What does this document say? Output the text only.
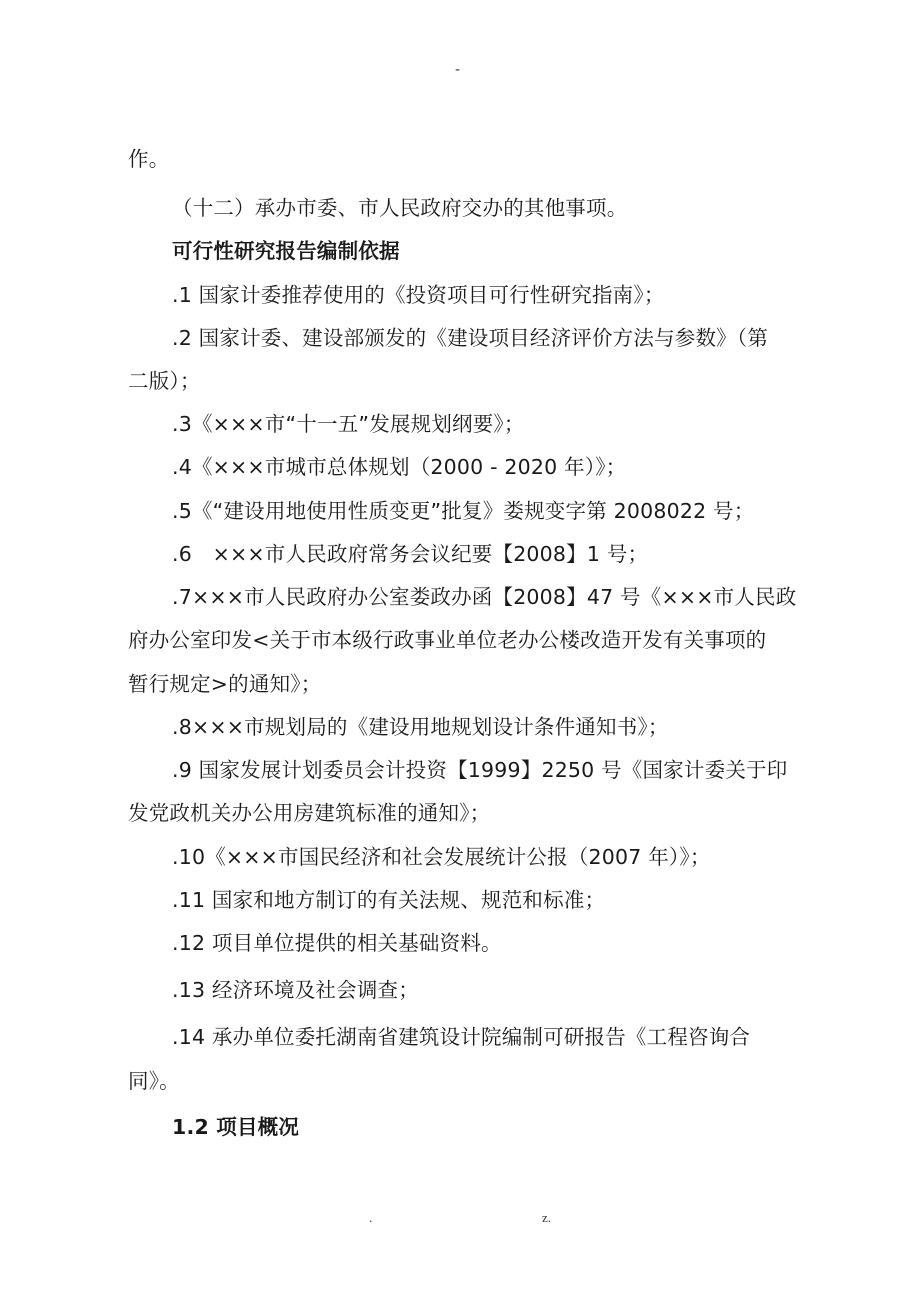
-
作。
（十二）承办市委、市人民政府交办的其他事项。
可行性研究报告编制依据
.1 国家计委推荐使用的《投资项目可行性研究指南》；
.2 国家计委、建设部颁发的《建设项目经济评价方法与参数》（第
二版）；
.3《×××市“十一五”发展规划纲要》；
.4《×××市城市总体规划（2000 - 2020 年）》；
.5《“建设用地使用性质变更”批复》娄规变字第 2008022 号；
.6　×××市人民政府常务会议纪要【2008】1 号；
.7×××市人民政府办公室娄政办函【2008】47 号《×××市人民政
府办公室印发<关于市本级行政事业单位老办公楼改造开发有关事项的
暂行规定>的通知》；
.8×××市规划局的《建设用地规划设计条件通知书》；
.9 国家发展计划委员会计投资【1999】2250 号《国家计委关于印
发党政机关办公用房建筑标准的通知》；
.10《×××市国民经济和社会发展统计公报（2007 年）》；
.11 国家和地方制订的有关法规、规范和标准；
.12 项目单位提供的相关基础资料。
.13 经济环境及社会调查；
.14 承办单位委托湖南省建筑设计院编制可研报告《工程咨询合
同》。
1.2 项目概况
.	z.
